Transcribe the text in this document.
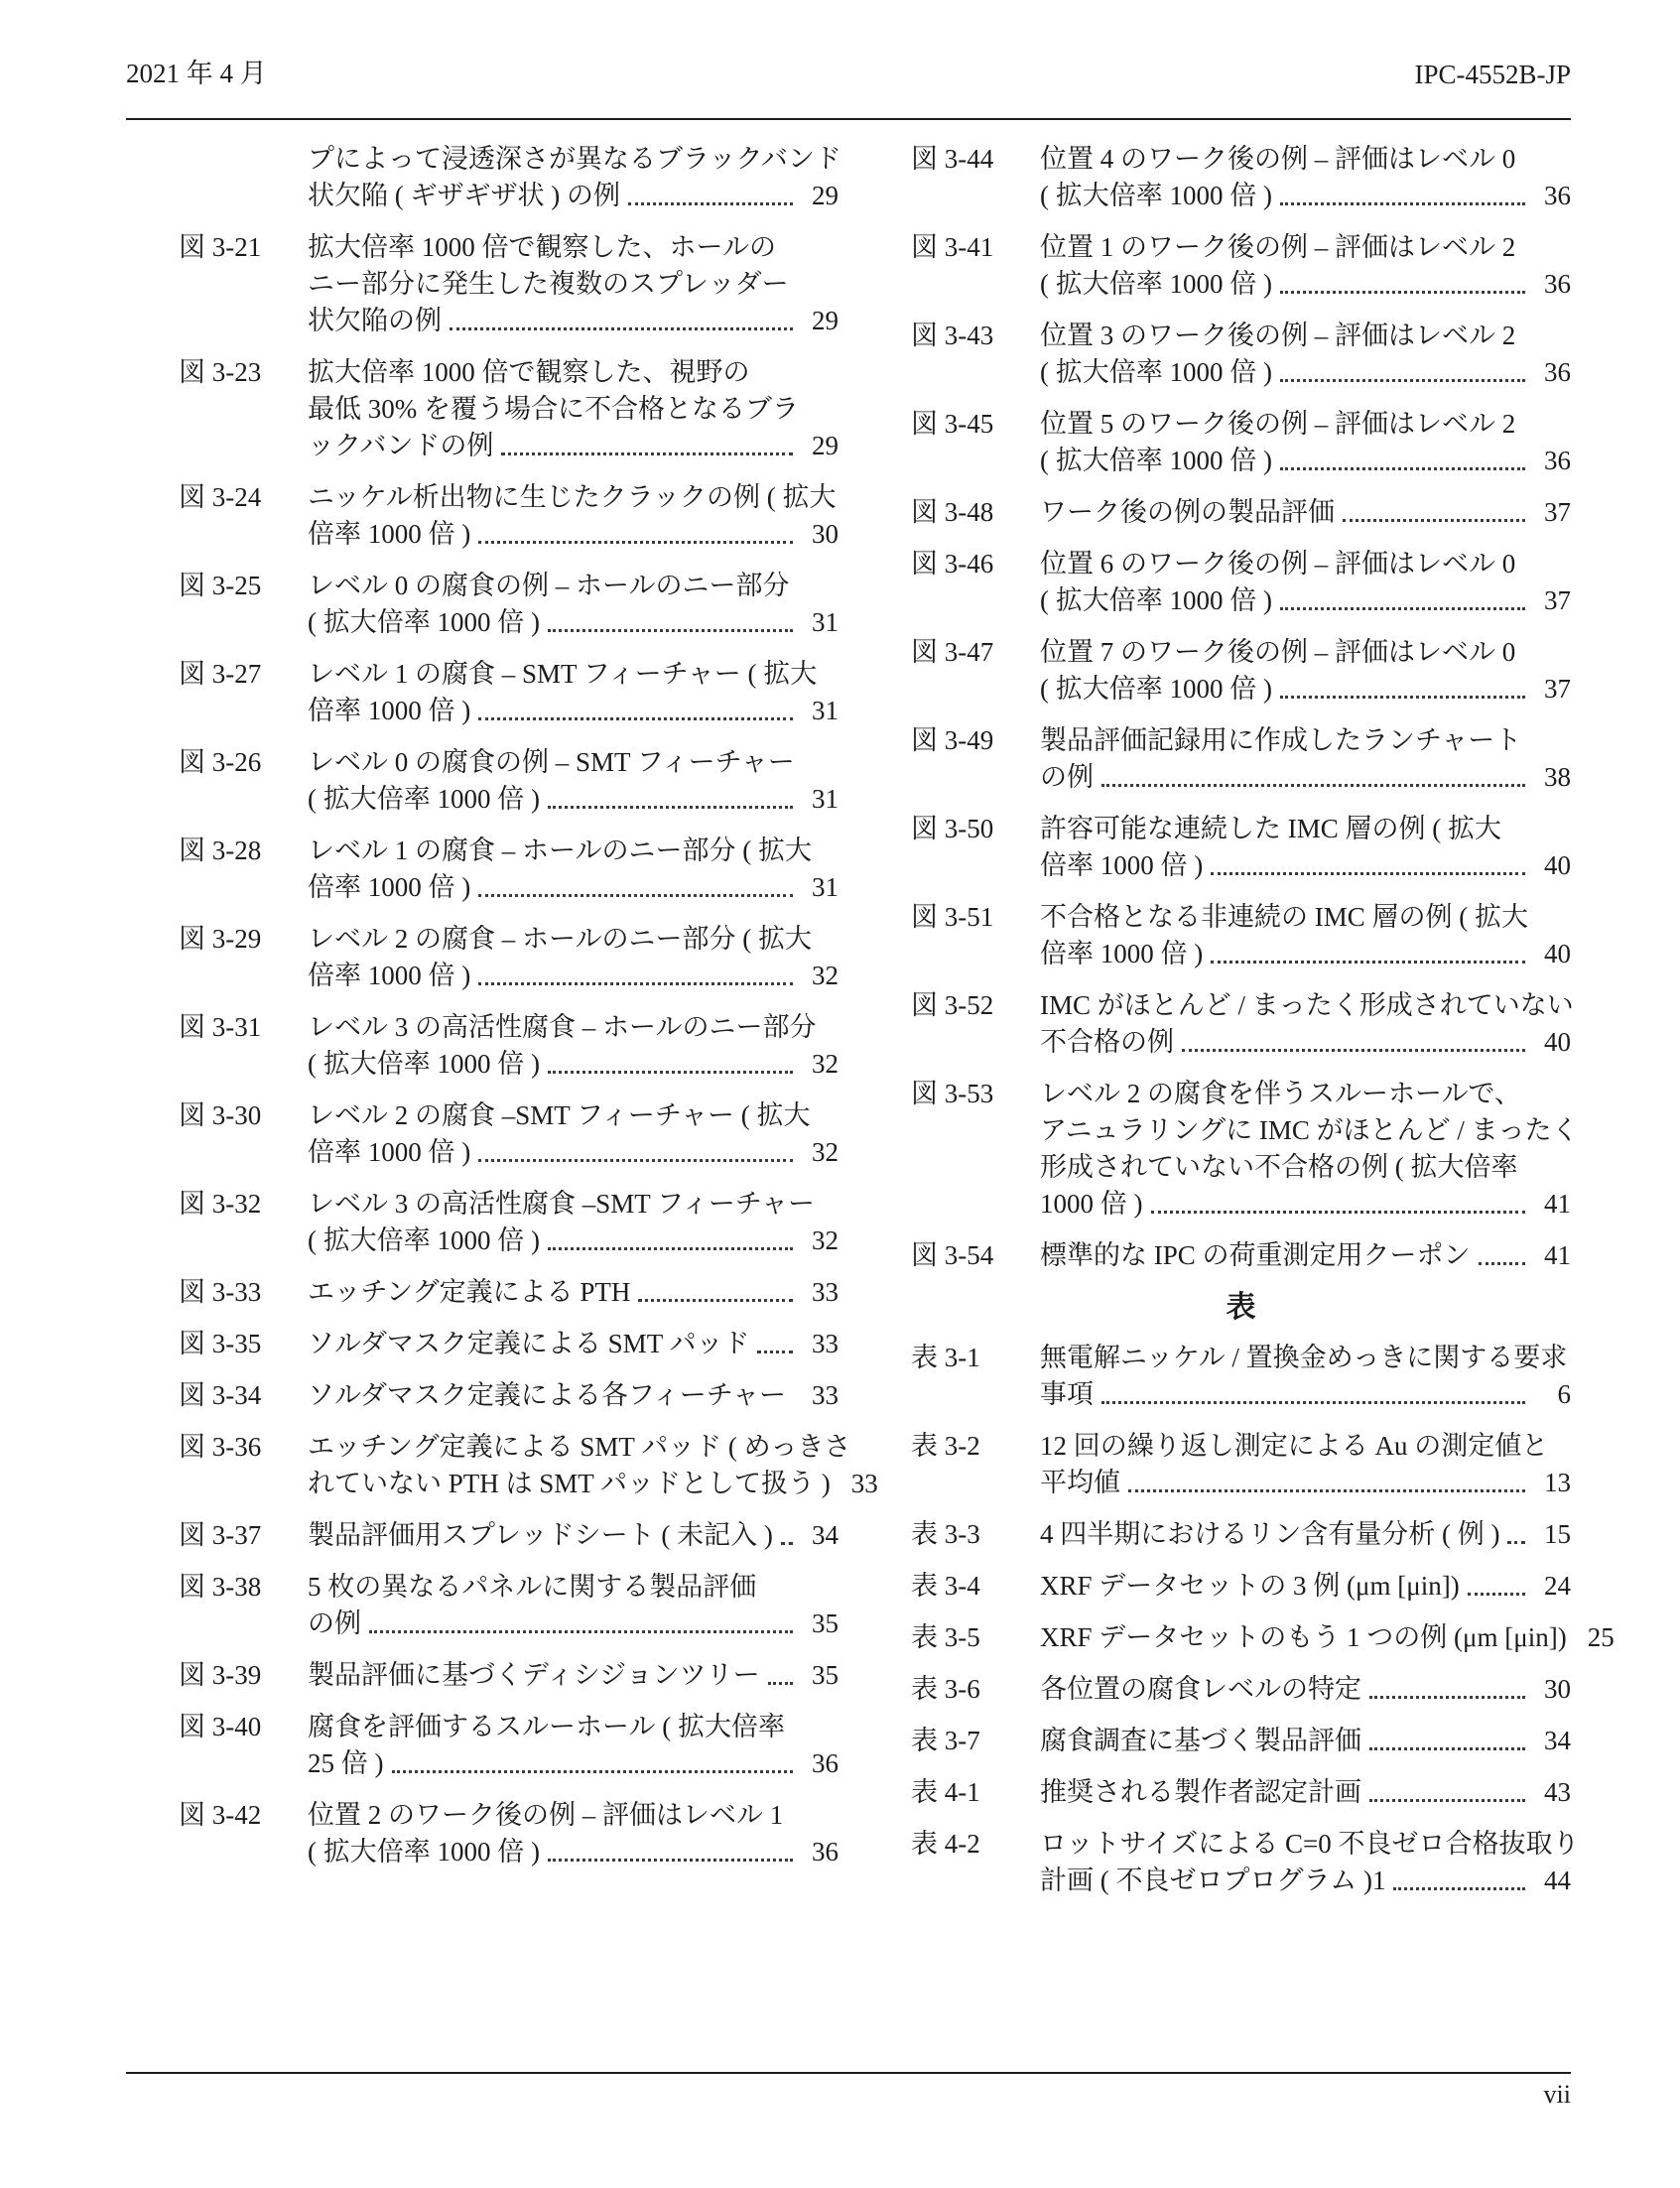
2021 年 4 月	IPC-4552B-JP
プによって浸透深さが異なるブラックバンド
状欠陥 ( ギザギザ状 ) の例	29
図 3-21	拡大倍率 1000 倍で観察した、ホールの
ニー部分に発生した複数のスプレッダー
状欠陥の例	29
図 3-23	拡大倍率 1000 倍で観察した、視野の
最低 30% を覆う場合に不合格となるブラ
ックバンドの例	29
図 3-24	ニッケル析出物に生じたクラックの例 ( 拡大
倍率 1000 倍 )	30
図 3-25	レベル 0 の腐食の例 – ホールのニー部分
( 拡大倍率 1000 倍 )	31
図 3-27	レベル 1 の腐食 – SMT フィーチャー ( 拡大
倍率 1000 倍 )	31
図 3-26	レベル 0 の腐食の例 – SMT フィーチャー
( 拡大倍率 1000 倍 )	31
図 3-28	レベル 1 の腐食 – ホールのニー部分 ( 拡大
倍率 1000 倍 )	31
図 3-29	レベル 2 の腐食 – ホールのニー部分 ( 拡大
倍率 1000 倍 )	32
図 3-31	レベル 3 の高活性腐食 – ホールのニー部分
( 拡大倍率 1000 倍 )	32
図 3-30	レベル 2 の腐食 –SMT フィーチャー ( 拡大
倍率 1000 倍 )	32
図 3-32	レベル 3 の高活性腐食 –SMT フィーチャー
( 拡大倍率 1000 倍 )	32
図 3-33	エッチング定義による PTH	33
図 3-35	ソルダマスク定義による SMT パッド	33
図 3-34	ソルダマスク定義による各フィーチャー 33
図 3-36	エッチング定義による SMT パッド ( めっきさ
れていない PTH は SMT パッドとして扱う ) 33
図 3-37	製品評価用スプレッドシート ( 未記入 )	34
図 3-38	5 枚の異なるパネルに関する製品評価
の例	35
図 3-39	製品評価に基づくディシジョンツリー	35
図 3-40	腐食を評価するスルーホール ( 拡大倍率
25 倍 )	36
図 3-42	位置 2 のワーク後の例 – 評価はレベル 1
( 拡大倍率 1000 倍 )	36
図 3-44	位置 4 のワーク後の例 – 評価はレベル 0
( 拡大倍率 1000 倍 )	36
図 3-41	位置 1 のワーク後の例 – 評価はレベル 2
( 拡大倍率 1000 倍 )	36
図 3-43	位置 3 のワーク後の例 – 評価はレベル 2
( 拡大倍率 1000 倍 )	36
図 3-45	位置 5 のワーク後の例 – 評価はレベル 2
( 拡大倍率 1000 倍 )	36
図 3-48	ワーク後の例の製品評価	37
図 3-46	位置 6 のワーク後の例 – 評価はレベル 0
( 拡大倍率 1000 倍 )	37
図 3-47	位置 7 のワーク後の例 – 評価はレベル 0
( 拡大倍率 1000 倍 )	37
図 3-49	製品評価記録用に作成したランチャート
の例	38
図 3-50	許容可能な連続した IMC 層の例 ( 拡大
倍率 1000 倍 )	40
図 3-51	不合格となる非連続の IMC 層の例 ( 拡大
倍率 1000 倍 )	40
図 3-52	IMC がほとんど / まったく形成されていない
不合格の例	40
図 3-53	レベル 2 の腐食を伴うスルーホールで、
アニュラリングに IMC がほとんど / まったく
形成されていない不合格の例 ( 拡大倍率
1000 倍 )	41
図 3-54	標準的な IPC の荷重測定用クーポン	41
表
表 3-1	無電解ニッケル / 置換金めっきに関する要求
事項	6
表 3-2	12 回の繰り返し測定による Au の測定値と
平均値	13
表 3-3	4 四半期におけるリン含有量分析 ( 例 )	15
表 3-4	XRF データセットの 3 例 (μm [μin])	24
表 3-5	XRF データセットのもう 1 つの例 (μm [μin]) 25
表 3-6	各位置の腐食レベルの特定	30
表 3-7	腐食調査に基づく製品評価	34
表 4-1	推奨される製作者認定計画	43
表 4-2	ロットサイズによる C=0 不良ゼロ合格抜取り
計画 ( 不良ゼロプログラム )1	44
vii
